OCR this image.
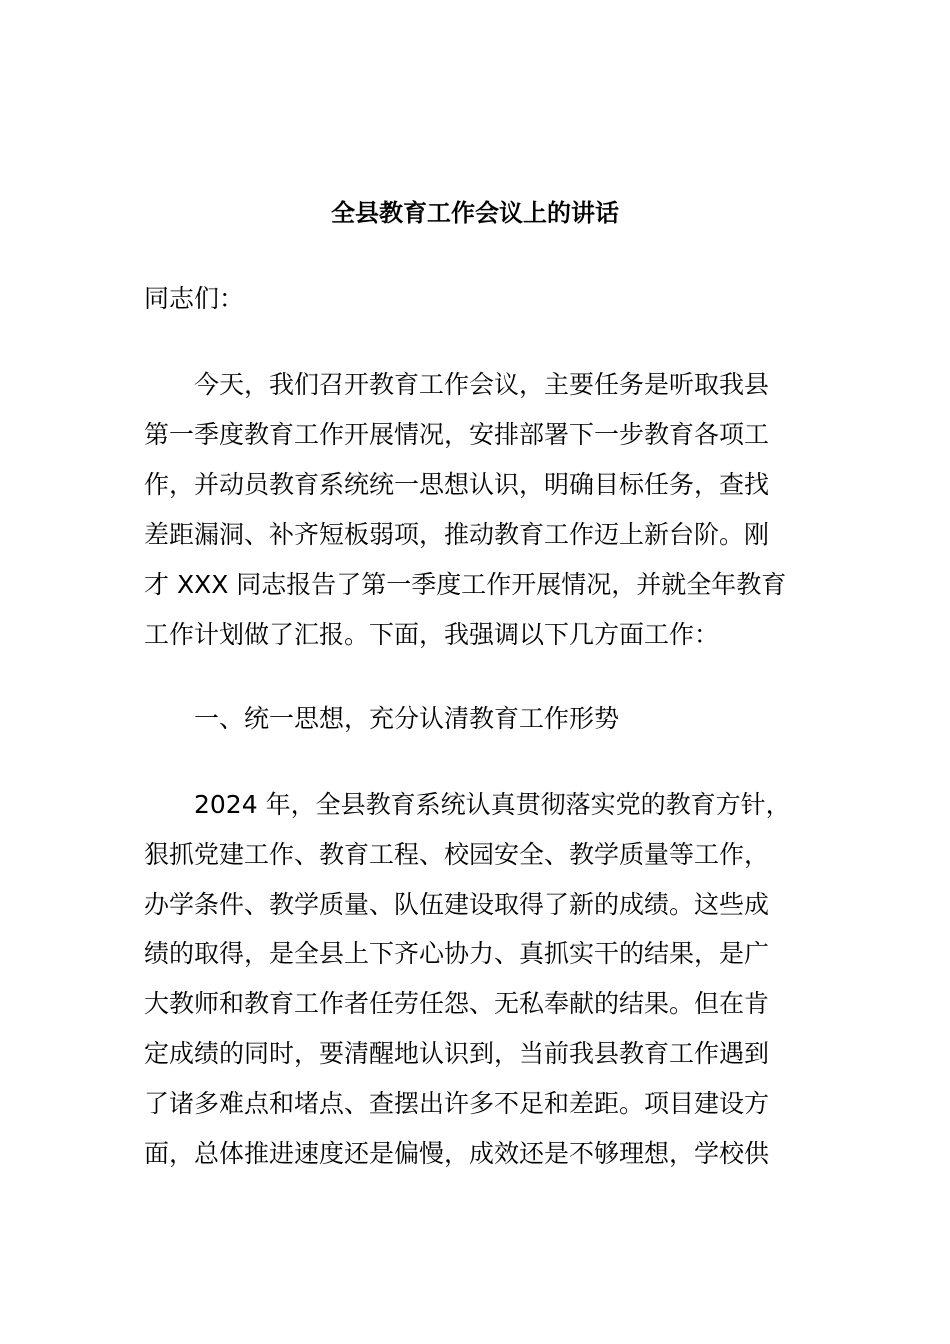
全县教育工作会议上的讲话

同志们：

今天，我们召开教育工作会议，主要任务是听取我县

第一季度教育工作开展情况，安排部署下一步教育各项工

作，并动员教育系统统一思想认识，明确目标任务，查找

差距漏洞、补齐短板弱项，推动教育工作迈上新台阶。刚

才 XXX 同志报告了第一季度工作开展情况，并就全年教育

工作计划做了汇报。下面，我强调以下几方面工作：

一、统一思想，充分认清教育工作形势

2024 年，全县教育系统认真贯彻落实党的教育方针，

狠抓党建工作、教育工程、校园安全、教学质量等工作，

办学条件、教学质量、队伍建设取得了新的成绩。这些成

绩的取得，是全县上下齐心协力、真抓实干的结果，是广

大教师和教育工作者任劳任怨、无私奉献的结果。但在肯

定成绩的同时，要清醒地认识到，当前我县教育工作遇到

了诸多难点和堵点、查摆出许多不足和差距。项目建设方

面，总体推进速度还是偏慢，成效还是不够理想，学校供
